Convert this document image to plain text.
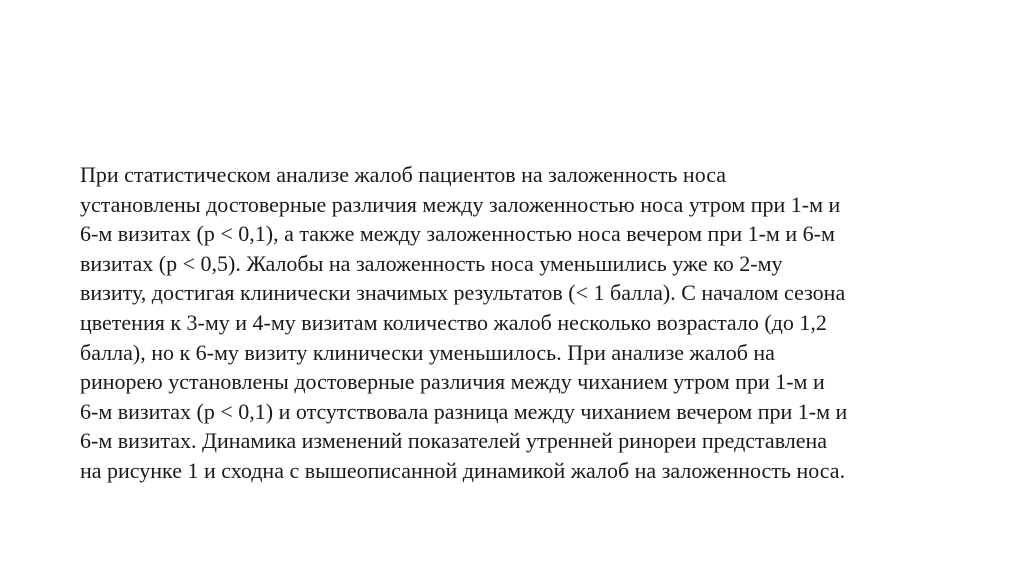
При статистическом анализе жалоб пациентов на заложенность носа
установлены достоверные различия между заложенностью носа утром при 1-м и
6-м визитах (р < 0,1), а также между заложенностью носа вечером при 1-м и 6-м
визитах (р < 0,5). Жалобы на заложенность носа уменьшились уже ко 2-му
визиту, достигая клинически значимых результатов (< 1 балла). С началом сезона
цветения к 3-му и 4-му визитам количество жалоб несколько возрастало (до 1,2
балла), но к 6-му визиту клинически уменьшилось. При анализе жалоб на
ринорею установлены достоверные различия между чиханием утром при 1-м и
6-м визитах (р < 0,1) и отсутствовала разница между чиханием вечером при 1-м и
6-м визитах. Динамика изменений показателей утренней ринореи представлена
на рисунке 1 и сходна с вышеописанной динамикой жалоб на заложенность носа.
